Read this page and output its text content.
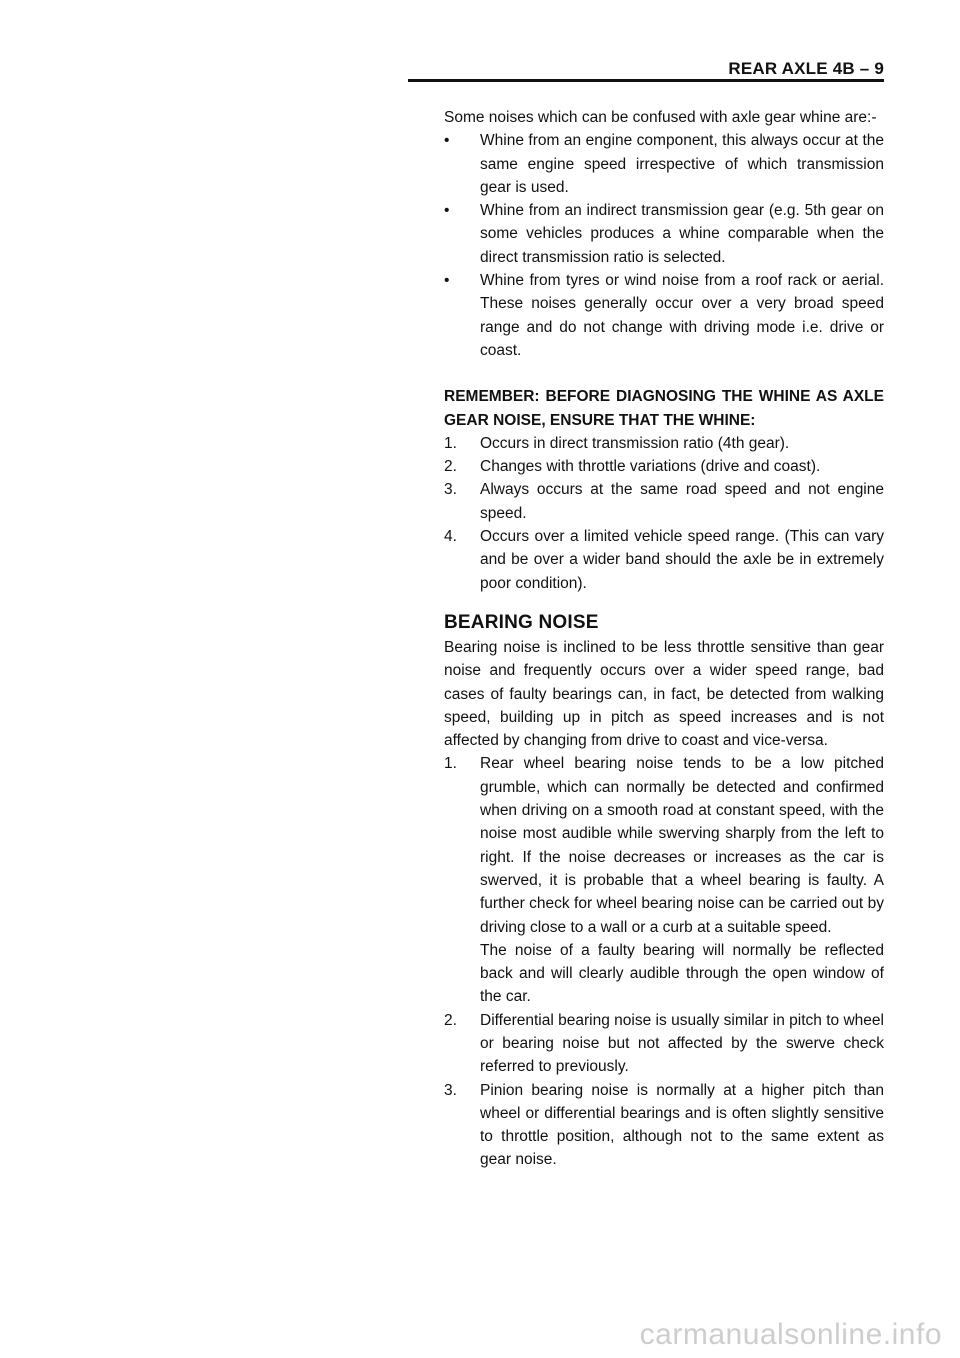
REAR AXLE 4B – 9

Some noises which can be confused with axle gear whine are:-

• Whine from an engine component, this always occur at the same engine speed irrespective of which transmission gear is used.
• Whine from an indirect transmission gear (e.g. 5th gear on some vehicles produces a whine comparable when the direct transmission ratio is selected.
• Whine from tyres or wind noise from a roof rack or aerial. These noises generally occur over a very broad speed range and do not change with driving mode i.e. drive or coast.

REMEMBER: BEFORE DIAGNOSING THE WHINE AS AXLE GEAR NOISE, ENSURE THAT THE WHINE:

1. Occurs in direct transmission ratio (4th gear).
2. Changes with throttle variations (drive and coast).
3. Always occurs at the same road speed and not engine speed.
4. Occurs over a limited vehicle speed range. (This can vary and be over a wider band should the axle be in extremely poor condition).
BEARING NOISE

Bearing noise is inclined to be less throttle sensitive than gear noise and frequently occurs over a wider speed range, bad cases of faulty bearings can, in fact, be detected from walking speed, building up in pitch as speed increases and is not affected by changing from drive to coast and vice-versa.

1. Rear wheel bearing noise tends to be a low pitched grumble, which can normally be detected and confirmed when driving on a smooth road at constant speed, with the noise most audible while swerving sharply from the left to right. If the noise decreases or increases as the car is swerved, it is probable that a wheel bearing is faulty. A further check for wheel bearing noise can be carried out by driving close to a wall or a curb at a suitable speed.
The noise of a faulty bearing will normally be reflected back and will clearly audible through the open window of the car.
2. Differential bearing noise is usually similar in pitch to wheel or bearing noise but not affected by the swerve check referred to previously.
3. Pinion bearing noise is normally at a higher pitch than wheel or differential bearings and is often slightly sensitive to throttle position, although not to the same extent as gear noise.
carmanualsonline.info
